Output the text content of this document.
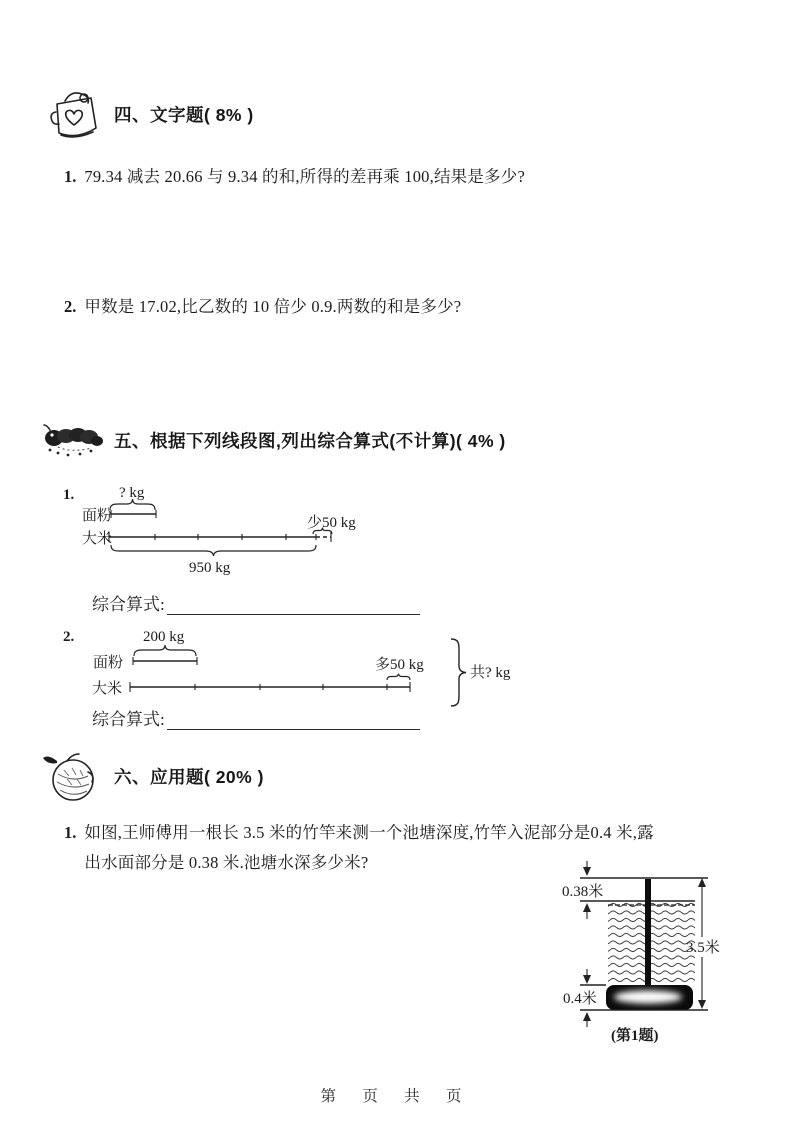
四、文字题( 8% )
1. 79.34 减去 20.66 与 9.34 的和,所得的差再乘 100,结果是多少?
2. 甲数是 17.02,比乙数的 10 倍少 0.9.两数的和是多少?
五、根据下列线段图,列出综合算式(不计算)( 4% )
1.	? kg
面粉	少50 kg
大米
950 kg
综合算式:
2.	200 kg
面粉	多50 kg
大米
共? kg
综合算式:
六、应用题( 20% )
1. 如图,王师傅用一根长 3.5 米的竹竿来测一个池塘深度,竹竿入泥部分是0.4 米,露
出水面部分是 0.38 米.池塘水深多少米?
0.38米
0.4米
3.5米
(第1题)
第 页 共 页
